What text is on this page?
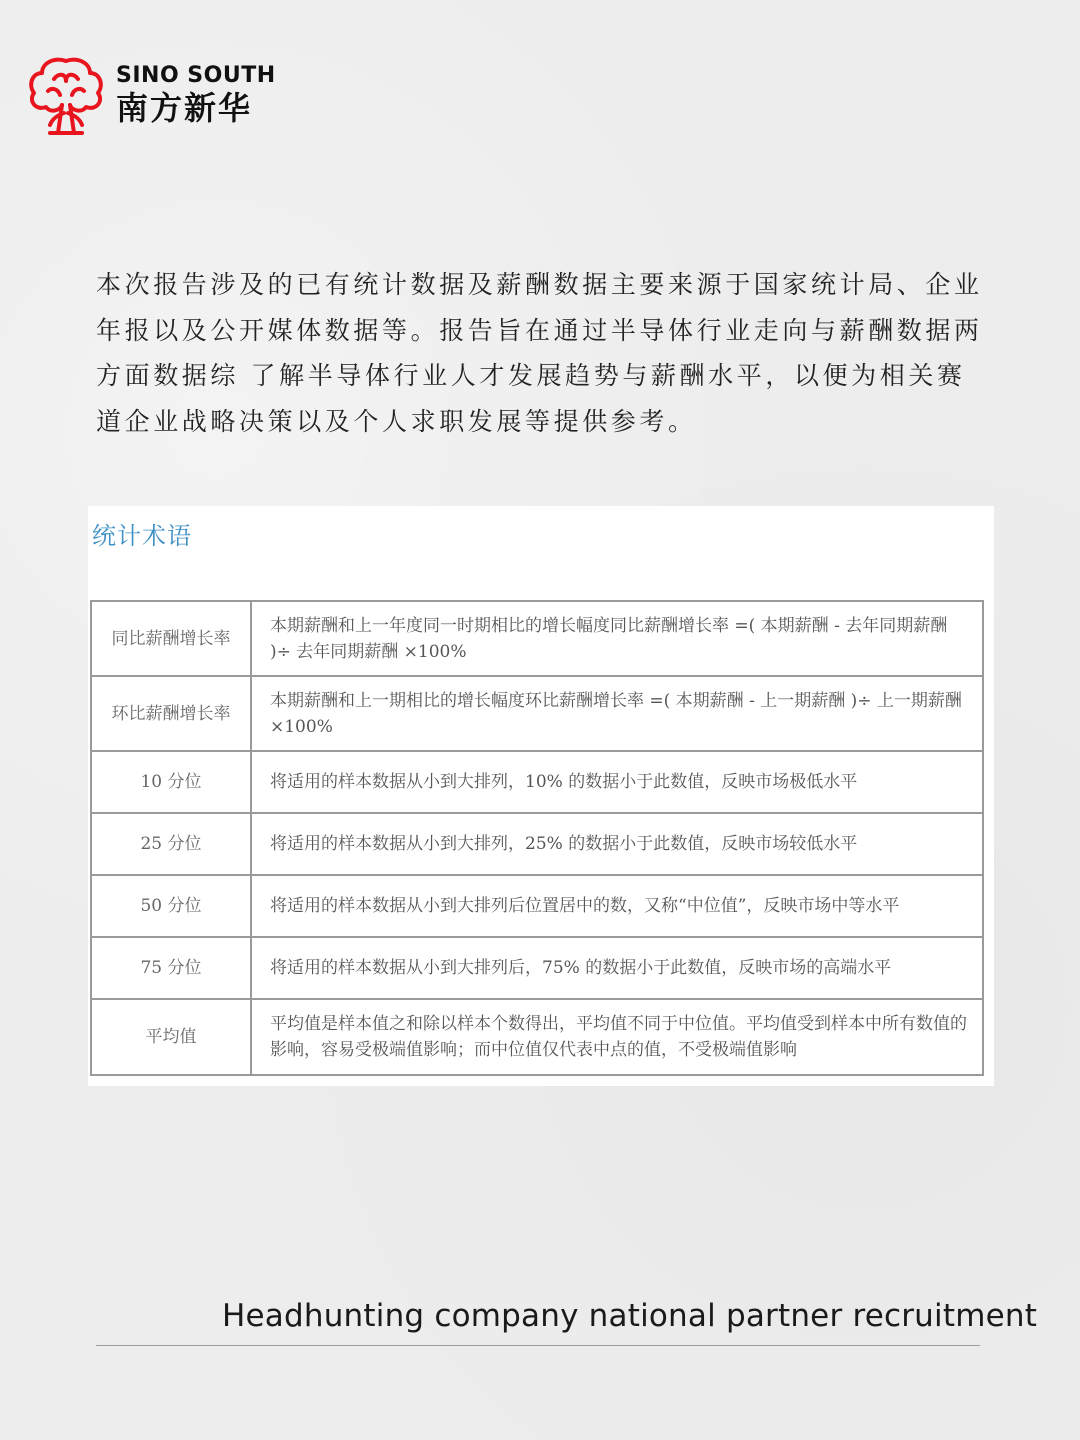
SINO SOUTH
南方新华
本次报告涉及的已有统计数据及薪酬数据主要来源于国家统计局、企业年报以及公开媒体数据等。报告旨在通过半导体行业走向与薪酬数据两方面数据综 了解半导体行业人才发展趋势与薪酬水平，以便为相关赛道企业战略决策以及个人求职发展等提供参考。
统计术语
同比薪酬增长率	本期薪酬和上一年度同一时期相比的增长幅度同比薪酬增长率 =( 本期薪酬 - 去年同期薪酬 )÷ 去年同期薪酬 ×100%
环比薪酬增长率	本期薪酬和上一期相比的增长幅度环比薪酬增长率 =( 本期薪酬 - 上一期薪酬 )÷ 上一期薪酬 ×100%
10 分位	将适用的样本数据从小到大排列，10% 的数据小于此数值，反映市场极低水平
25 分位	将适用的样本数据从小到大排列，25% 的数据小于此数值，反映市场较低水平
50 分位	将适用的样本数据从小到大排列后位置居中的数，又称“中位值”，反映市场中等水平
75 分位	将适用的样本数据从小到大排列后，75% 的数据小于此数值，反映市场的高端水平
平均值	平均值是样本值之和除以样本个数得出，平均值不同于中位值。平均值受到样本中所有数值的影响，容易受极端值影响；而中位值仅代表中点的值，不受极端值影响
Headhunting company national partner recruitment
